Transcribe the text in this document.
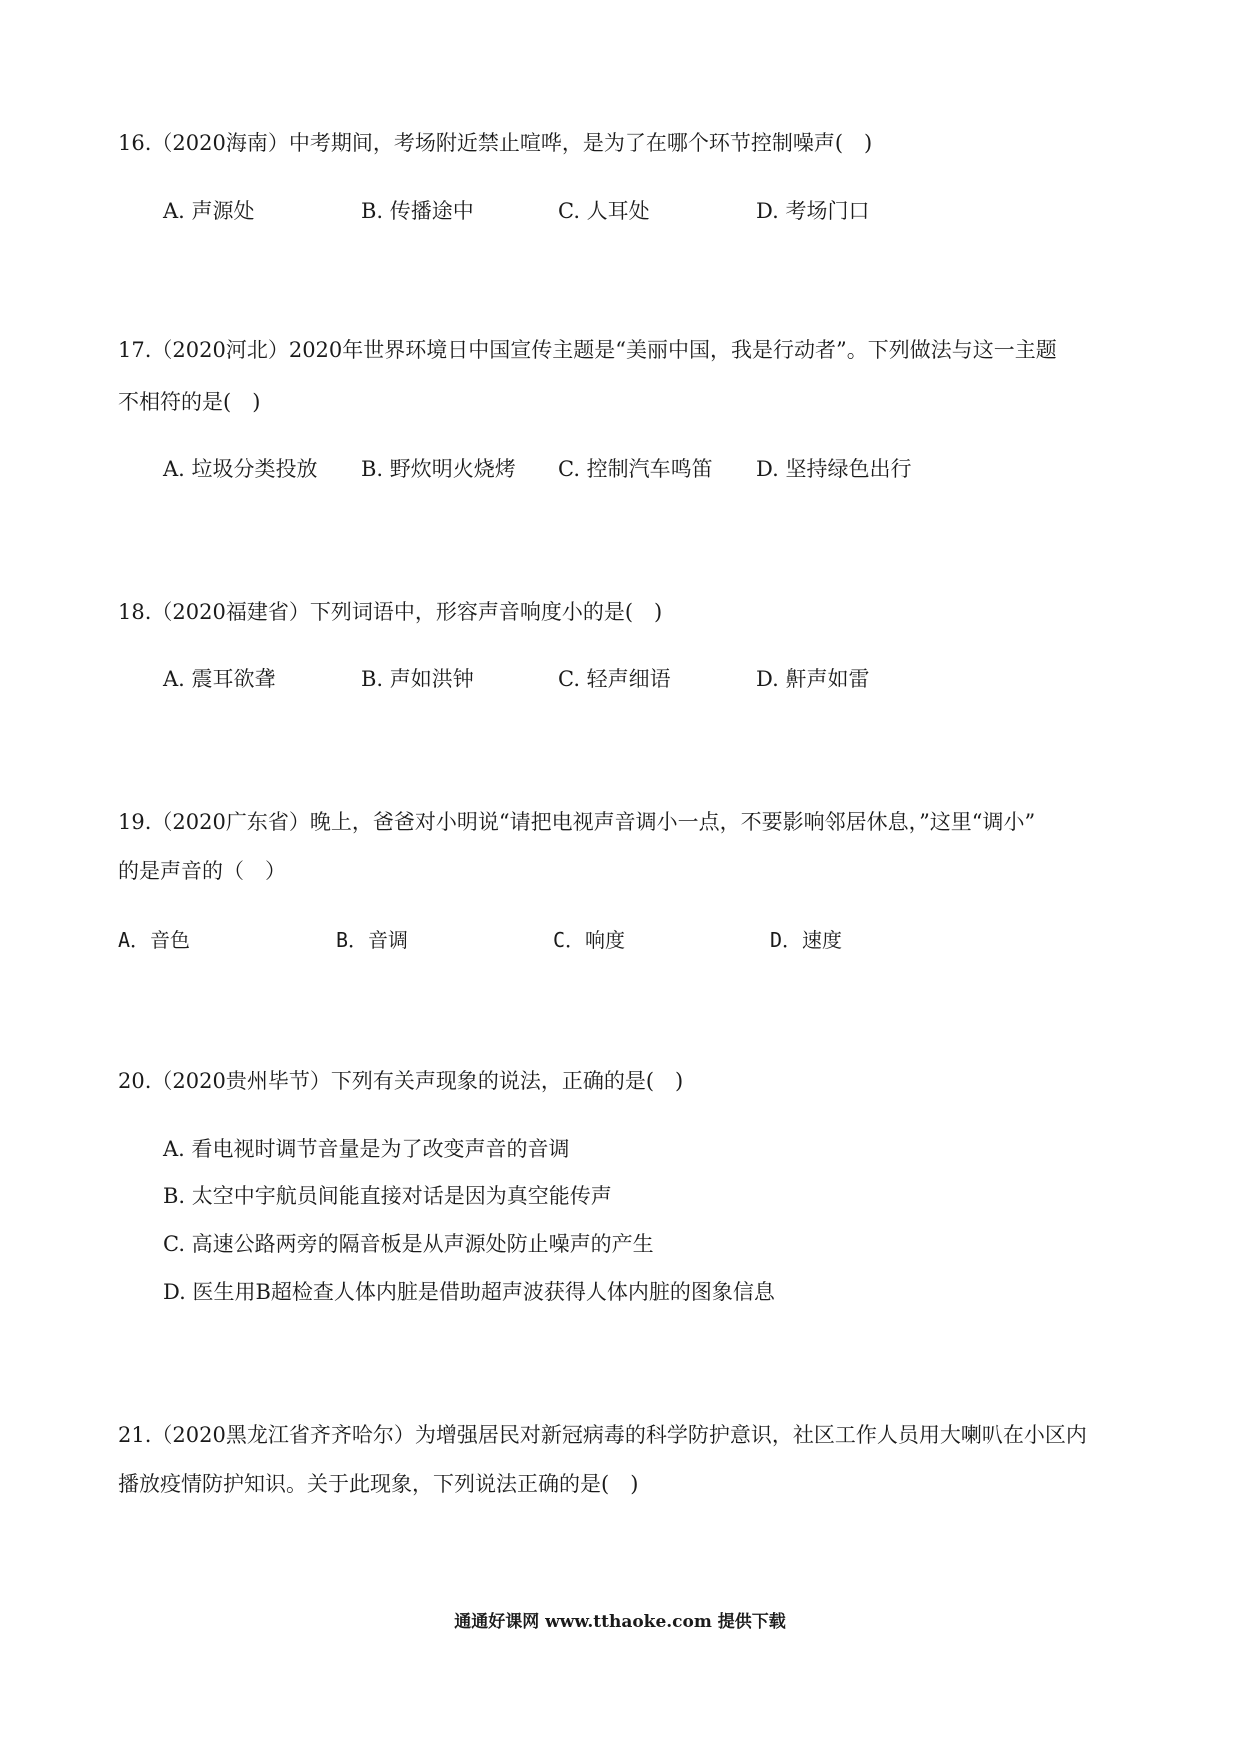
16.（2020海南）中考期间，考场附近禁止喧哗，是为了在哪个环节控制噪声(　)
A. 声源处	B. 传播途中	C. 人耳处	D. 考场门口
17.（2020河北）2020年世界环境日中国宣传主题是“美丽中国，我是行动者”。下列做法与这一主题
不相符的是(　)
A. 垃圾分类投放 B. 野炊明火烧烤 C. 控制汽车鸣笛 D. 坚持绿色出行
18.（2020福建省）下列词语中，形容声音响度小的是(　)
A. 震耳欲聋	B. 声如洪钟	C. 轻声细语	D. 鼾声如雷
19.（2020广东省）晚上，爸爸对小明说“请把电视声音调小一点，不要影响邻居休息，”这里“调小”
的是声音的（　）
A．音色	B．音调	C．响度	D．速度
20.（2020贵州毕节）下列有关声现象的说法，正确的是(　)
A. 看电视时调节音量是为了改变声音的音调
B. 太空中宇航员间能直接对话是因为真空能传声
C. 高速公路两旁的隔音板是从声源处防止噪声的产生
D. 医生用B超检查人体内脏是借助超声波获得人体内脏的图象信息
21.（2020黑龙江省齐齐哈尔）为增强居民对新冠病毒的科学防护意识，社区工作人员用大喇叭在小区内
播放疫情防护知识。关于此现象，下列说法正确的是(　)
通通好课网 www.tthaoke.com 提供下载
